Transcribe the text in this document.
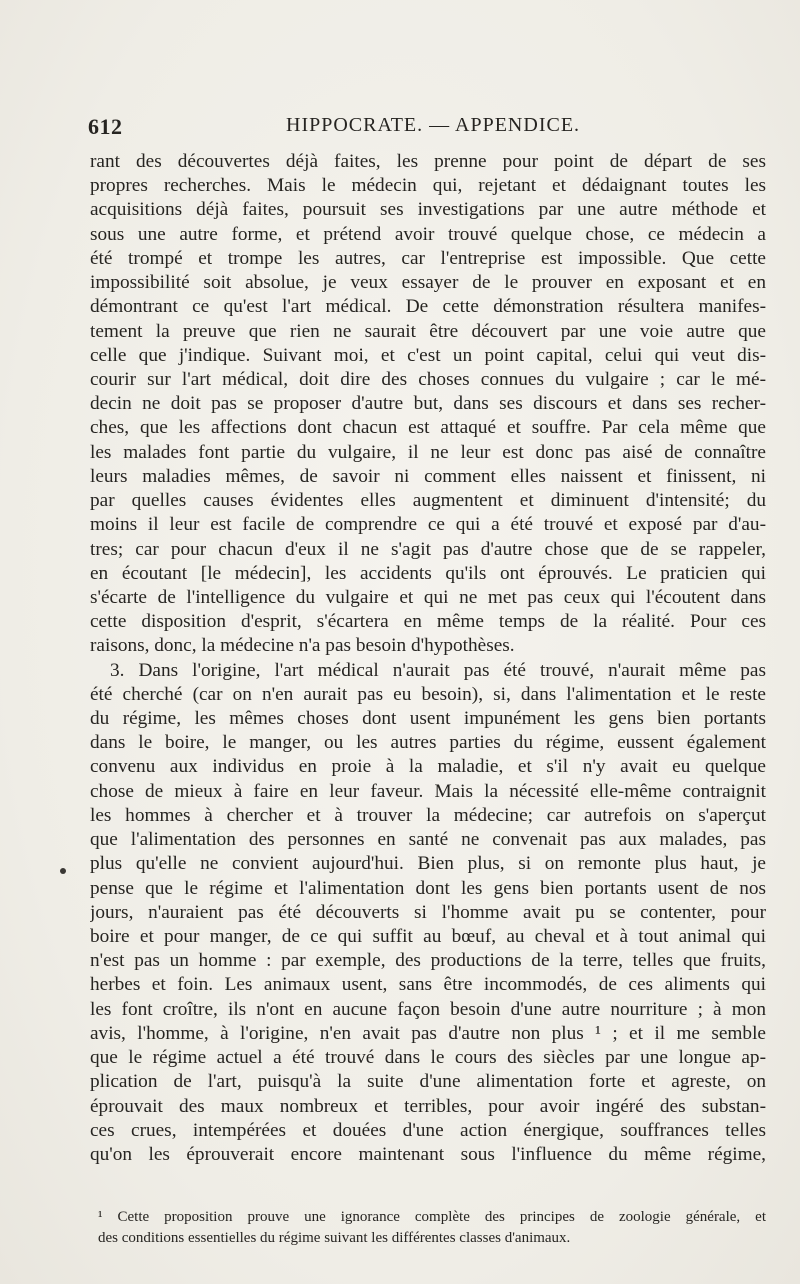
612	HIPPOCRATE. — APPENDICE.
rant des découvertes déjà faites, les prenne pour point de départ de ses
propres recherches. Mais le médecin qui, rejetant et dédaignant toutes les
acquisitions déjà faites, poursuit ses investigations par une autre méthode et
sous une autre forme, et prétend avoir trouvé quelque chose, ce médecin a
été trompé et trompe les autres, car l'entreprise est impossible. Que cette
impossibilité soit absolue, je veux essayer de le prouver en exposant et en
démontrant ce qu'est l'art médical. De cette démonstration résultera manifes-
tement la preuve que rien ne saurait être découvert par une voie autre que
celle que j'indique. Suivant moi, et c'est un point capital, celui qui veut dis-
courir sur l'art médical, doit dire des choses connues du vulgaire ; car le mé-
decin ne doit pas se proposer d'autre but, dans ses discours et dans ses recher-
ches, que les affections dont chacun est attaqué et souffre. Par cela même que
les malades font partie du vulgaire, il ne leur est donc pas aisé de connaître
leurs maladies mêmes, de savoir ni comment elles naissent et finissent, ni
par quelles causes évidentes elles augmentent et diminuent d'intensité; du
moins il leur est facile de comprendre ce qui a été trouvé et exposé par d'au-
tres; car pour chacun d'eux il ne s'agit pas d'autre chose que de se rappeler,
en écoutant [le médecin], les accidents qu'ils ont éprouvés. Le praticien qui
s'écarte de l'intelligence du vulgaire et qui ne met pas ceux qui l'écoutent dans
cette disposition d'esprit, s'écartera en même temps de la réalité. Pour ces
raisons, donc, la médecine n'a pas besoin d'hypothèses.
3. Dans l'origine, l'art médical n'aurait pas été trouvé, n'aurait même pas
été cherché (car on n'en aurait pas eu besoin), si, dans l'alimentation et le reste
du régime, les mêmes choses dont usent impunément les gens bien portants
dans le boire, le manger, ou les autres parties du régime, eussent également
convenu aux individus en proie à la maladie, et s'il n'y avait eu quelque
chose de mieux à faire en leur faveur. Mais la nécessité elle-même contraignit
les hommes à chercher et à trouver la médecine; car autrefois on s'aperçut
que l'alimentation des personnes en santé ne convenait pas aux malades, pas
plus qu'elle ne convient aujourd'hui. Bien plus, si on remonte plus haut, je
pense que le régime et l'alimentation dont les gens bien portants usent de nos
jours, n'auraient pas été découverts si l'homme avait pu se contenter, pour
boire et pour manger, de ce qui suffit au bœuf, au cheval et à tout animal qui
n'est pas un homme : par exemple, des productions de la terre, telles que fruits,
herbes et foin. Les animaux usent, sans être incommodés, de ces aliments qui
les font croître, ils n'ont en aucune façon besoin d'une autre nourriture ; à mon
avis, l'homme, à l'origine, n'en avait pas d'autre non plus ¹ ; et il me semble
que le régime actuel a été trouvé dans le cours des siècles par une longue ap-
plication de l'art, puisqu'à la suite d'une alimentation forte et agreste, on
éprouvait des maux nombreux et terribles, pour avoir ingéré des substan-
ces crues, intempérées et douées d'une action énergique, souffrances telles
qu'on les éprouverait encore maintenant sous l'influence du même régime,
¹ Cette proposition prouve une ignorance complète des principes de zoologie générale, et
des conditions essentielles du régime suivant les différentes classes d'animaux.
